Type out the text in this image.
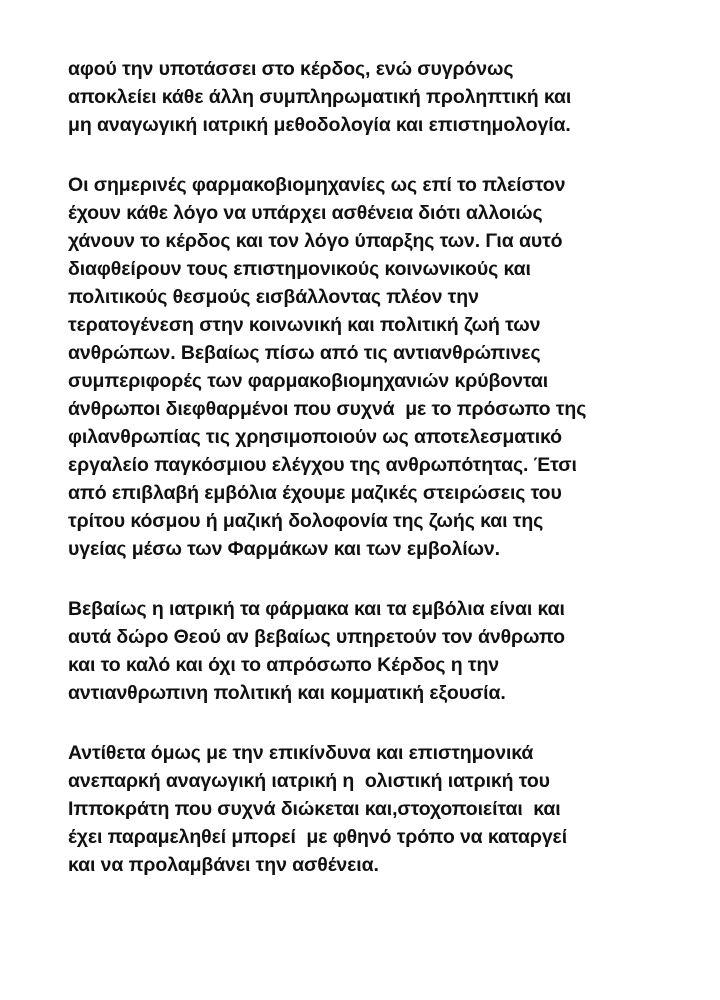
αφού την υποτάσσει στο κέρδος, ενώ συγρόνως
αποκλείει κάθε άλλη συμπληρωματική προληπτική και
μη αναγωγική ιατρική μεθοδολογία και επιστημολογία.

Οι σημερινές φαρμακοβιομηχανίες ως επί το πλείστον
έχουν κάθε λόγο να υπάρχει ασθένεια διότι αλλοιώς
χάνουν το κέρδος και τον λόγο ύπαρξης των. Για αυτό
διαφθείρουν τους επιστημονικούς κοινωνικούς και
πολιτικούς θεσμούς εισβάλλοντας πλέον την
τερατογένεση στην κοινωνική και πολιτική ζωή των
ανθρώπων. Βεβαίως πίσω από τις αντιανθρώπινες
συμπεριφορές των φαρμακοβιομηχανιών κρύβονται
άνθρωποι διεφθαρμένοι που συχνά  με το πρόσωπο της
φιλανθρωπίας τις χρησιμοποιούν ως αποτελεσματικό
εργαλείο παγκόσμιου ελέγχου της ανθρωπότητας. Έτσι
από επιβλαβή εμβόλια έχουμε μαζικές στειρώσεις του
τρίτου κόσμου ή μαζική δολοφονία της ζωής και της
υγείας μέσω των Φαρμάκων και των εμβολίων.

Βεβαίως η ιατρική τα φάρμακα και τα εμβόλια είναι και
αυτά δώρο Θεού αν βεβαίως υπηρετούν τον άνθρωπο
και το καλό και όχι το απρόσωπο Κέρδος η την
αντιανθρωπινη πολιτική και κομματική εξουσία.

Αντίθετα όμως με την επικίνδυνα και επιστημονικά
ανεπαρκή αναγωγική ιατρική η  ολιστική ιατρική του
Ιπποκράτη που συχνά διώκεται και,στοχοποιείται  και
έχει παραμεληθεί μπορεί  με φθηνό τρόπο να καταργεί
και να προλαμβάνει την ασθένεια.
